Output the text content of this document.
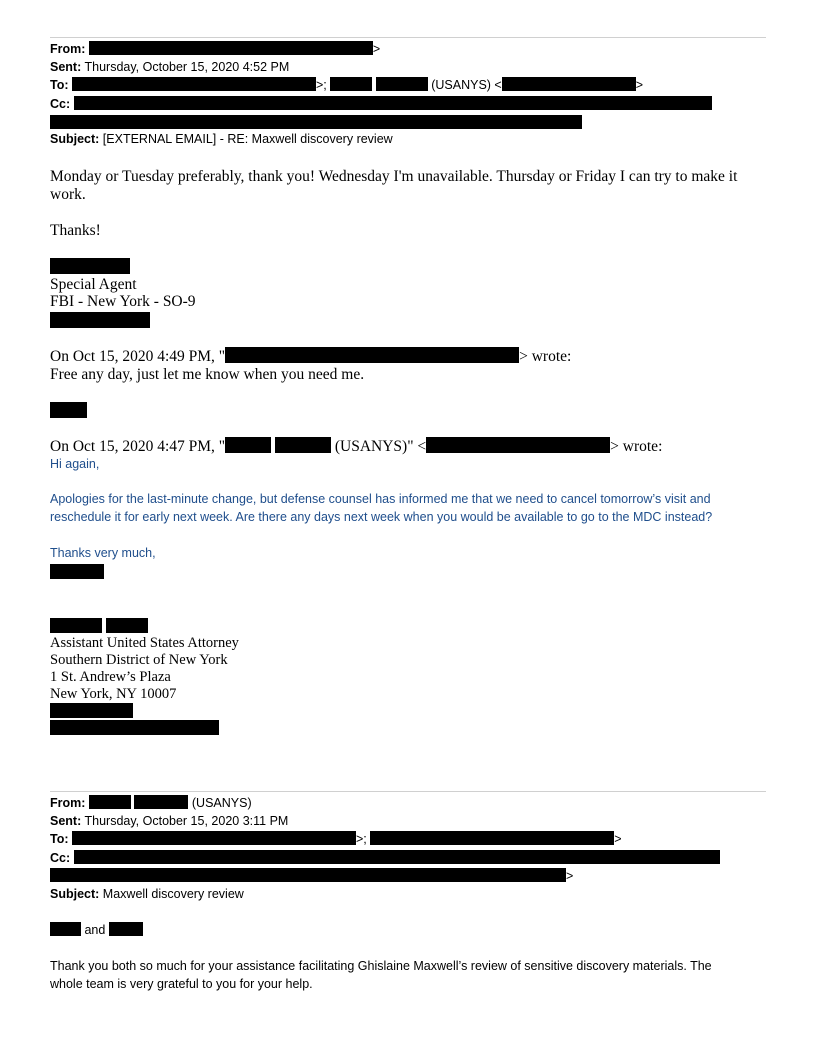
From:	>
Sent: Thursday, October 15, 2020 4:52 PM
To:	>;	(USANYS) <	>
Cc:
Subject: [EXTERNAL EMAIL] - RE: Maxwell discovery review
Monday or Tuesday preferably, thank you! Wednesday I'm unavailable. Thursday or Friday I can try to make it
work.
Thanks!
Special Agent
FBI - New York - SO-9
On Oct 15, 2020 4:49 PM, "	> wrote:
Free any day, just let me know when you need me.
On Oct 15, 2020 4:47 PM, "	(USANYS)" <	> wrote:
Hi again,
Apologies for the last-minute change, but defense counsel has informed me that we need to cancel tomorrow’s visit and
reschedule it for early next week. Are there any days next week when you would be available to go to the MDC instead?
Thanks very much,
Assistant United States Attorney
Southern District of New York
1 St. Andrew’s Plaza
New York, NY 10007
From:	(USANYS)
Sent: Thursday, October 15, 2020 3:11 PM
To:	>;	>
Cc:
>
Subject: Maxwell discovery review
and
Thank you both so much for your assistance facilitating Ghislaine Maxwell’s review of sensitive discovery materials. The
whole team is very grateful to you for your help.
